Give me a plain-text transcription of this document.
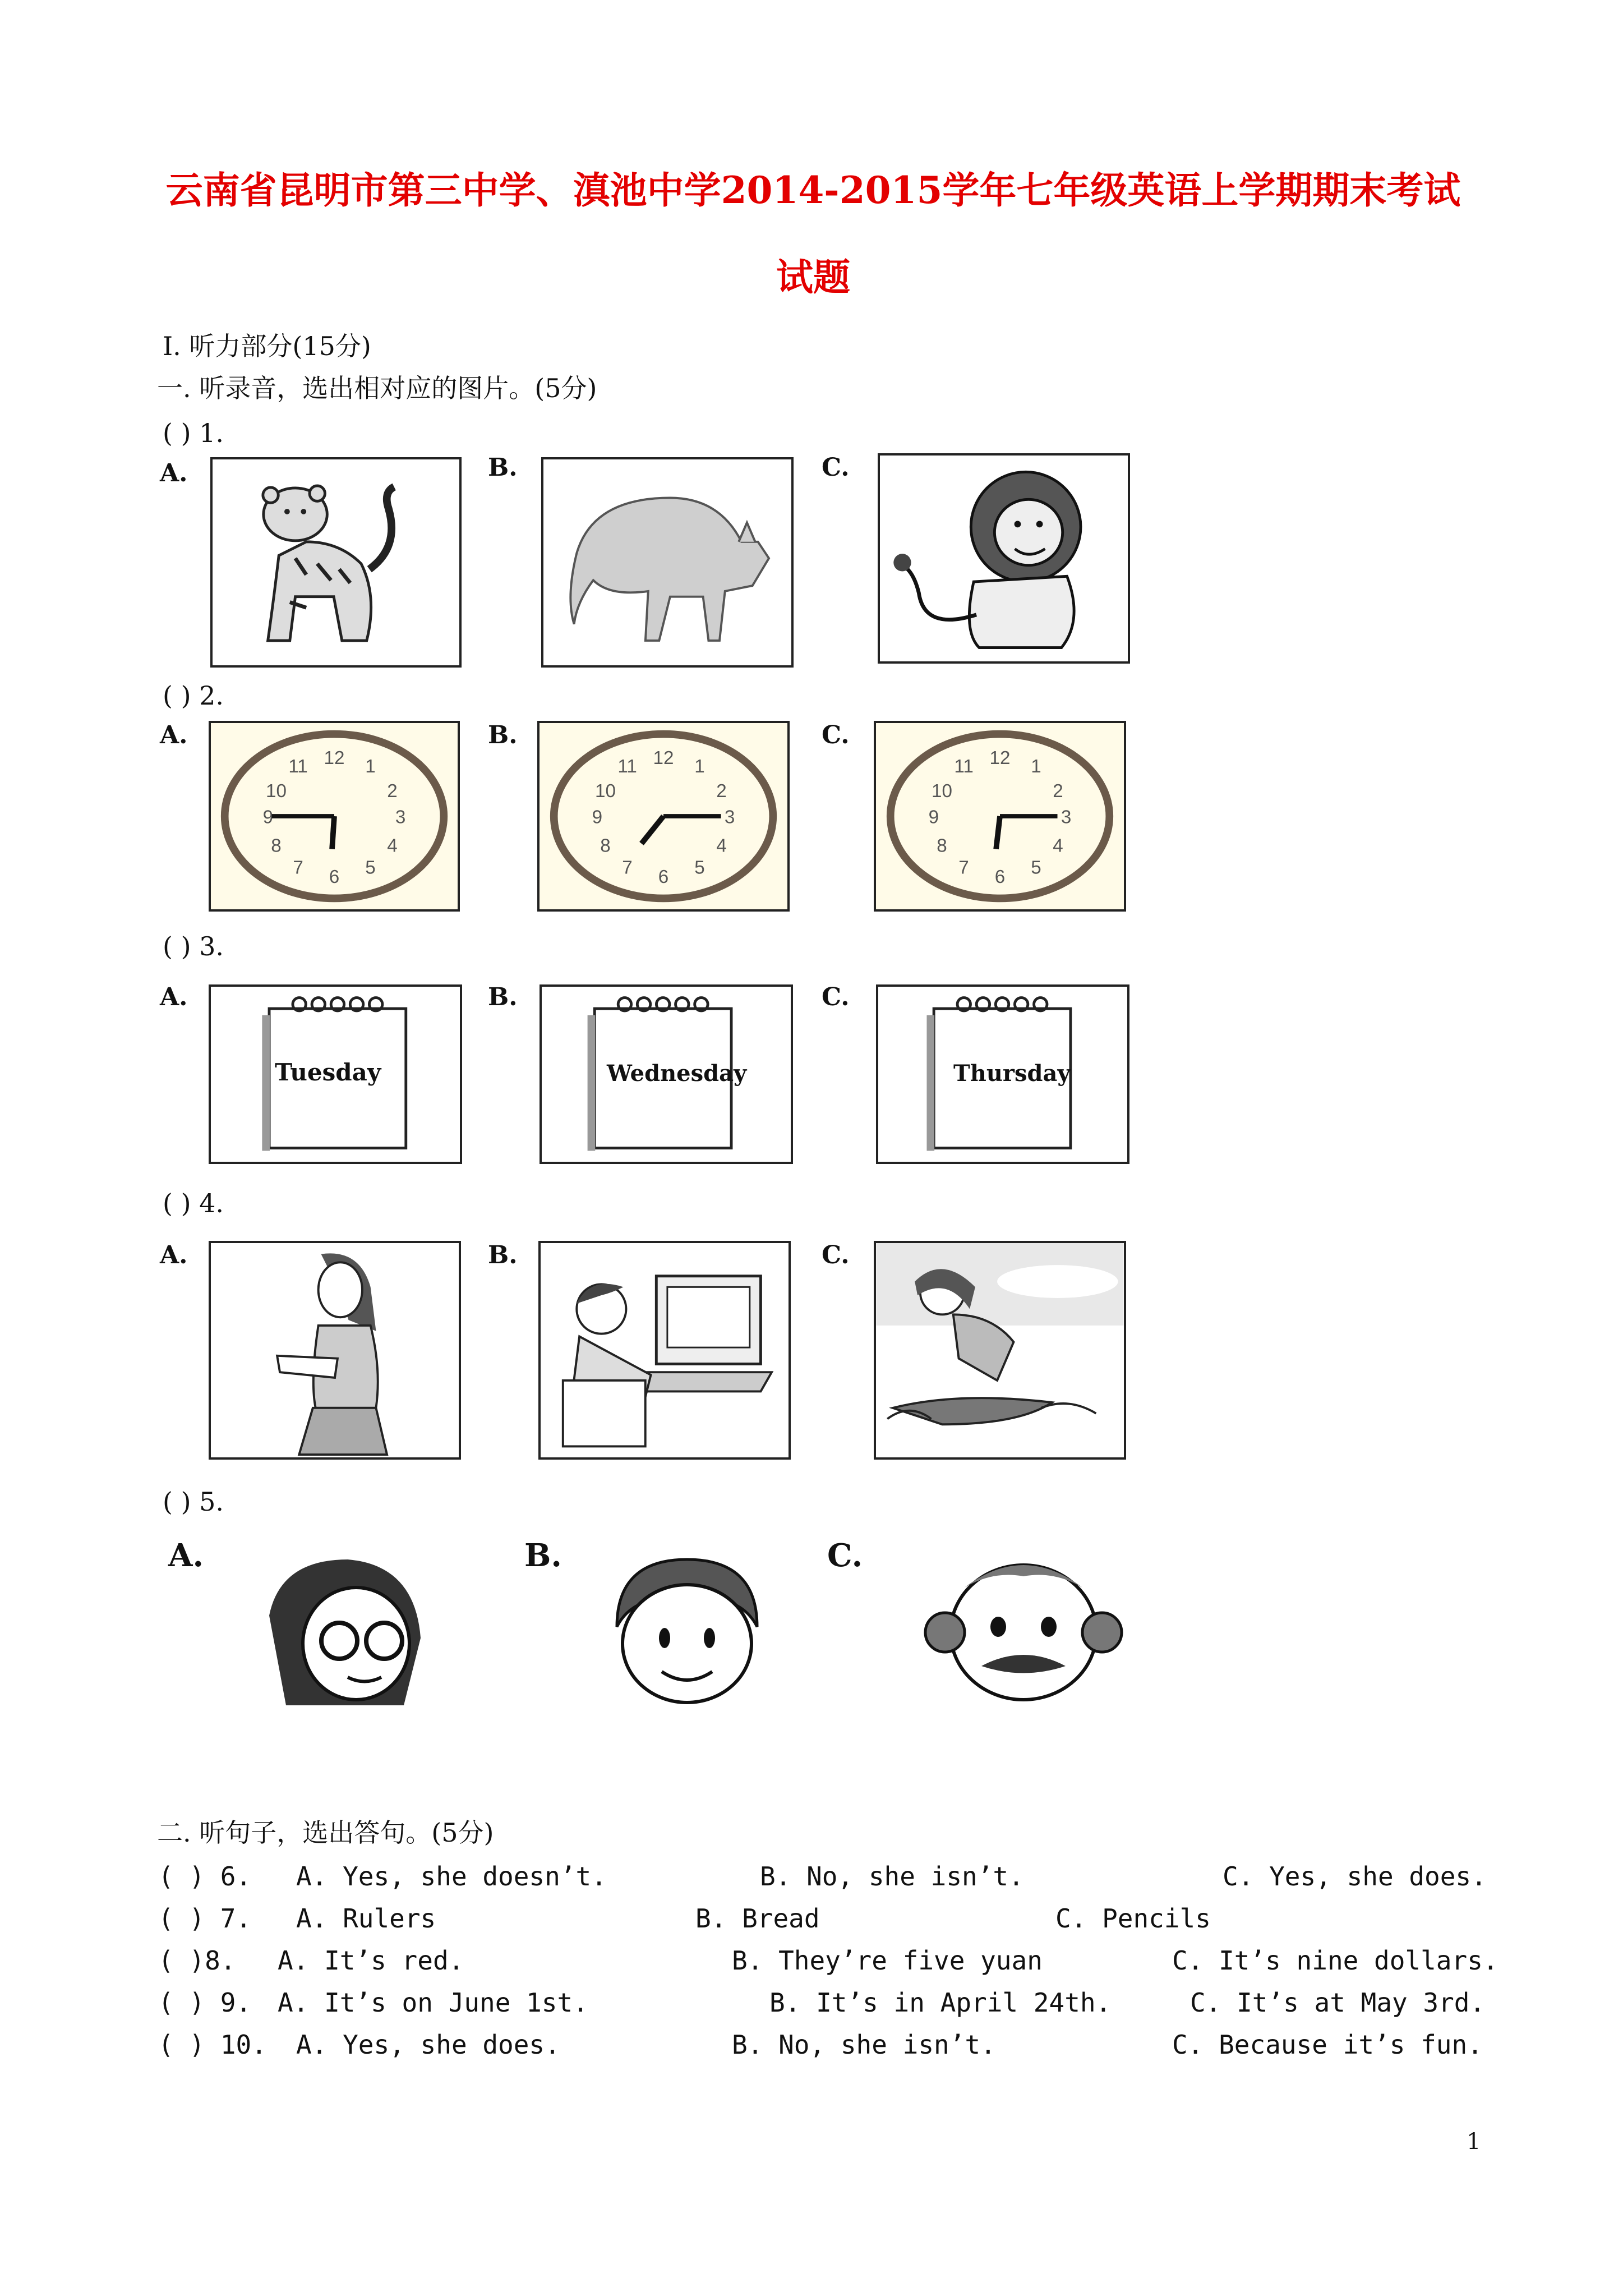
云南省昆明市第三中学、滇池中学2014-2015学年七年级英语上学期期末考试
试题
Ⅰ. 听力部分(15分)
一. 听录音，选出相对应的图片。(5分)
( ) 1.
A.	B.	C.
( ) 2.
A.	B.	C.
12 1
2
3
4
5
6
7
8
9
10
11	12 1
2
3
4
5
6
7
8
9
10
11	12 1
2
3
4
5
6
7
8
9
10
11
( ) 3.
A.	B.	C.
Tuesday	Wednesday	Thursday
( ) 4.
A.	B.	C.
( ) 5.
A.	B.	C.
二. 听句子，选出答句。(5分)
( ) 6. A. Yes, she doesn’t.	B. No, she isn’t.	C. Yes, she does.
( ) 7. A. Rulers	B. Bread	C. Pencils
( )8. A. It’s red.	B. They’re five yuan	C. It’s nine dollars.
( ) 9. A. It’s on June 1st.	B. It’s in April 24th.	C. It’s at May 3rd.
( ) 10. A. Yes, she does.	B. No, she isn’t.	C. Because it’s fun.
1
